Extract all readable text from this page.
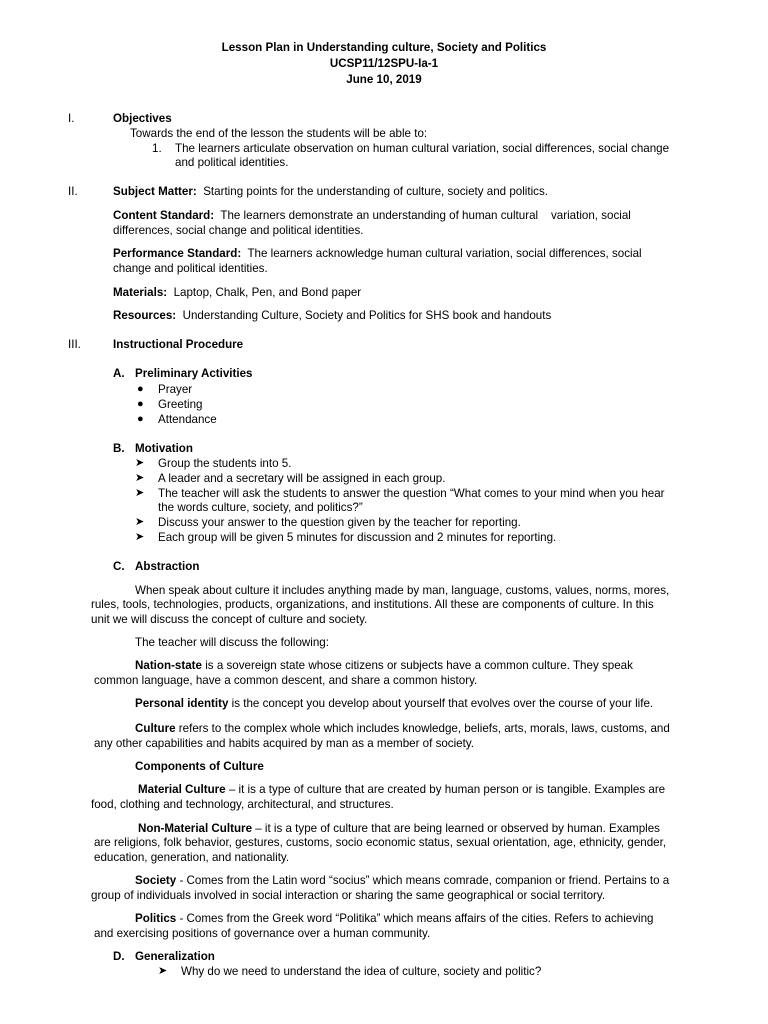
Lesson Plan in Understanding culture, Society and Politics
UCSP11/12SPU-Ia-1
June 10, 2019
I.	Objectives
Towards the end of the lesson the students will be able to:
1. The learners articulate observation on human cultural variation, social differences, social change
and political identities.
II.	Subject Matter: Starting points for the understanding of culture, society and politics.
Content Standard: The learners demonstrate an understanding of human cultural    variation, social
differences, social change and political identities.
Performance Standard: The learners acknowledge human cultural variation, social differences, social
change and political identities.
Materials: Laptop, Chalk, Pen, and Bond paper
Resources: Understanding Culture, Society and Politics for SHS book and handouts
III.	Instructional Procedure
A. Preliminary Activities
● Prayer
● Greeting
● Attendance
B. Motivation
➤ Group the students into 5.
➤ A leader and a secretary will be assigned in each group.
➤ The teacher will ask the students to answer the question “What comes to your mind when you hear
the words culture, society, and politics?”
➤ Discuss your answer to the question given by the teacher for reporting.
➤ Each group will be given 5 minutes for discussion and 2 minutes for reporting.
C. Abstraction
When speak about culture it includes anything made by man, language, customs, values, norms, mores,
rules, tools, technologies, products, organizations, and institutions. All these are components of culture. In this
unit we will discuss the concept of culture and society.
The teacher will discuss the following:
Nation-state is a sovereign state whose citizens or subjects have a common culture. They speak
common language, have a common descent, and share a common history.
Personal identity is the concept you develop about yourself that evolves over the course of your life.
Culture refers to the complex whole which includes knowledge, beliefs, arts, morals, laws, customs, and
any other capabilities and habits acquired by man as a member of society.
Components of Culture
Material Culture – it is a type of culture that are created by human person or is tangible. Examples are
food, clothing and technology, architectural, and structures.
Non-Material Culture – it is a type of culture that are being learned or observed by human. Examples
are religions, folk behavior, gestures, customs, socio economic status, sexual orientation, age, ethnicity, gender,
education, generation, and nationality.
Society - Comes from the Latin word “socius” which means comrade, companion or friend. Pertains to a
group of individuals involved in social interaction or sharing the same geographical or social territory.
Politics - Comes from the Greek word “Politika” which means affairs of the cities. Refers to achieving
and exercising positions of governance over a human community.
D. Generalization
➤ Why do we need to understand the idea of culture, society and politic?
